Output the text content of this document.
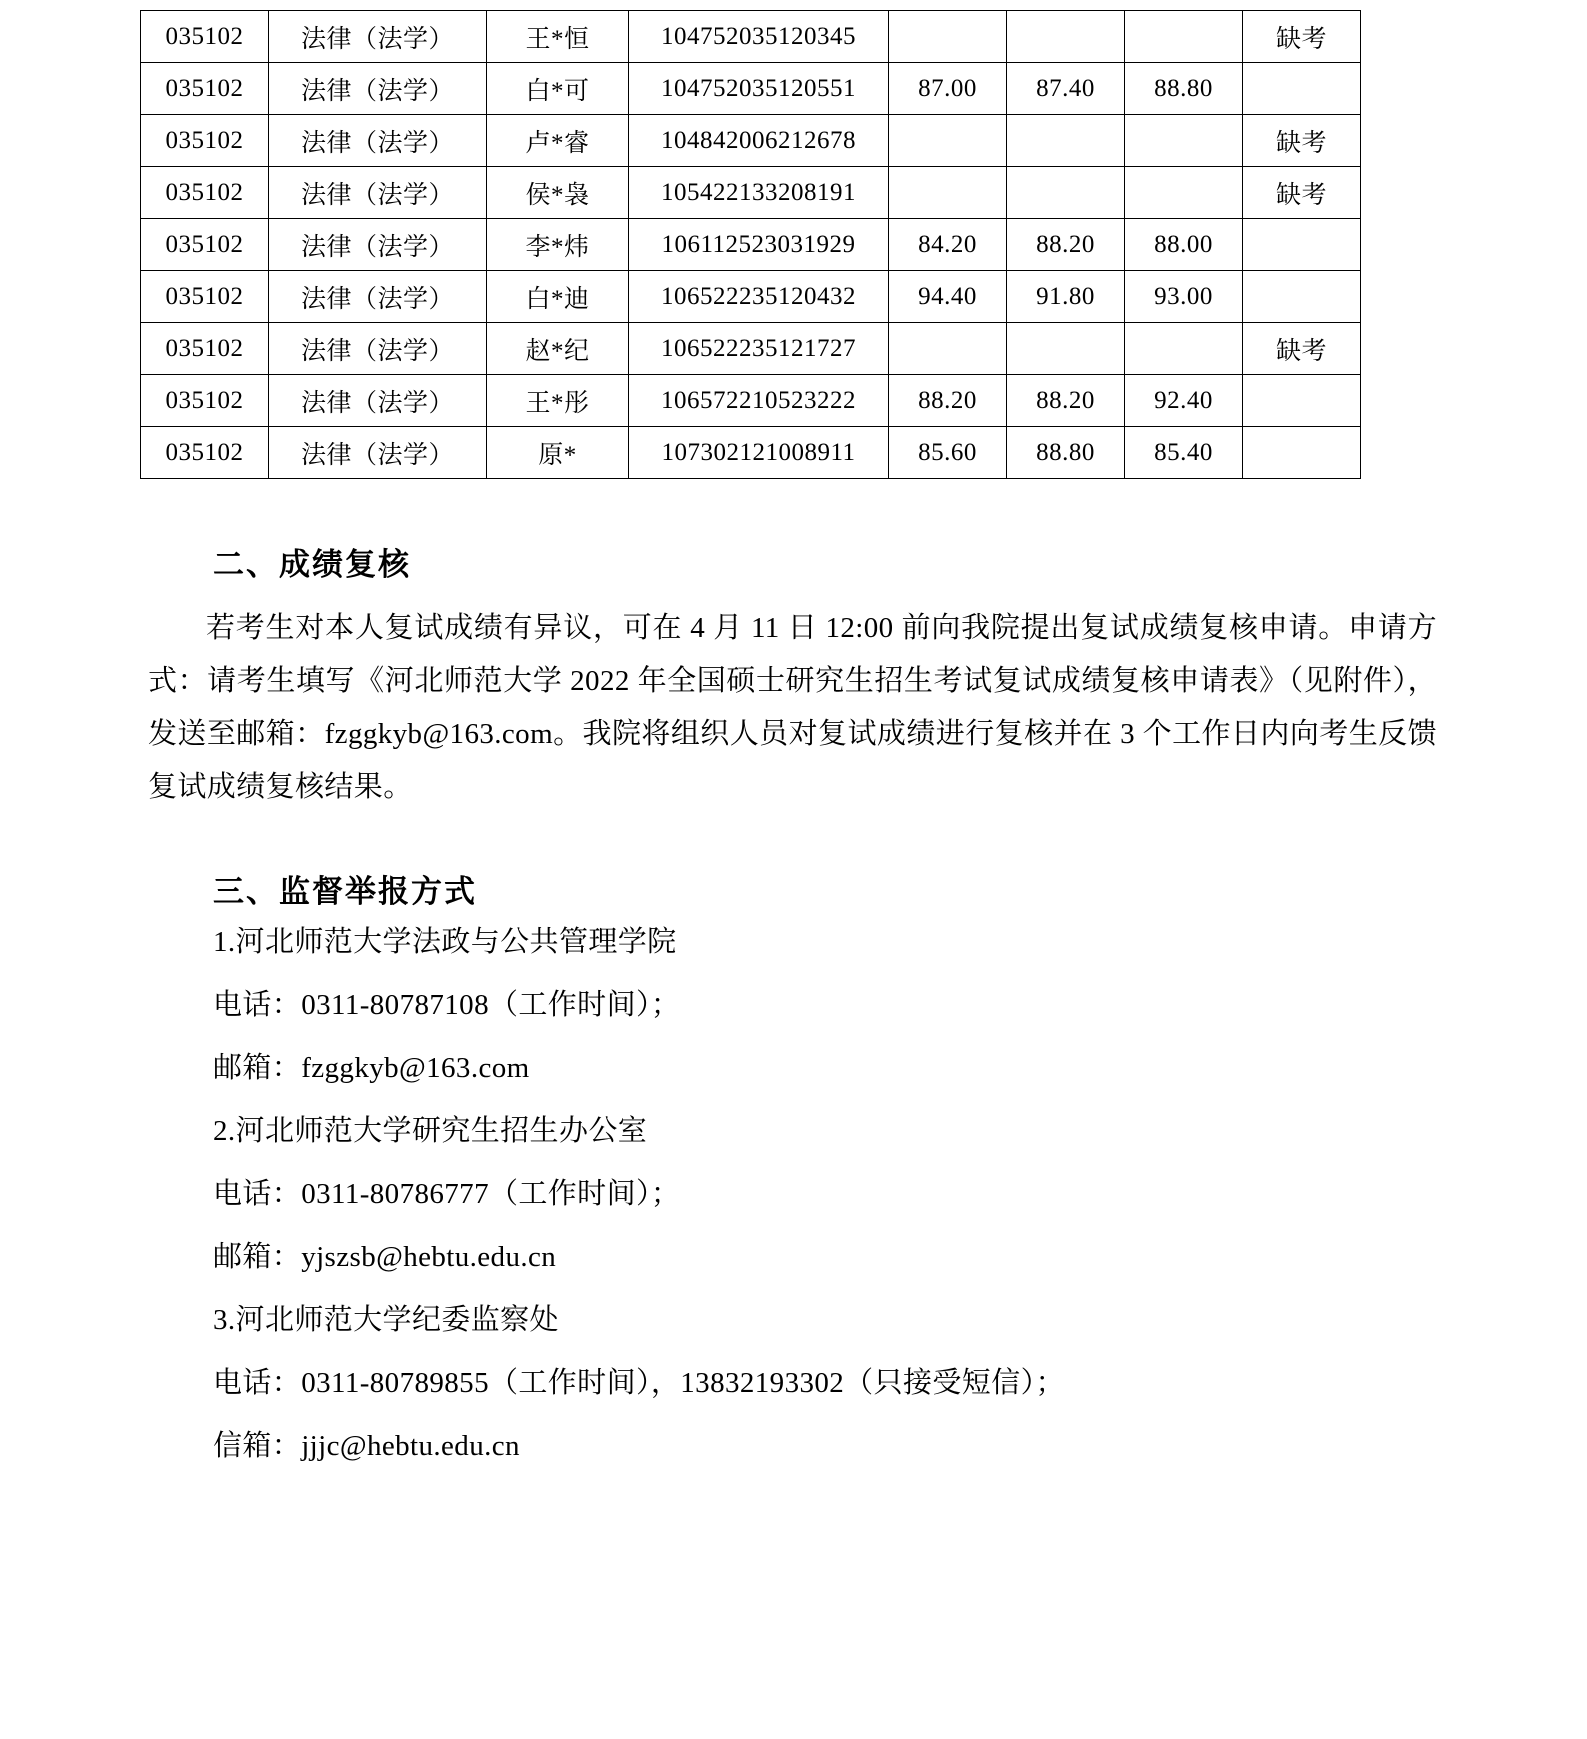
035102	法律（法学）	王*恒	104752035120345				缺考
035102	法律（法学）	白*可	104752035120551	87.00	87.40	88.80	
035102	法律（法学）	卢*睿	104842006212678				缺考
035102	法律（法学）	侯*袅	105422133208191				缺考
035102	法律（法学）	李*炜	106112523031929	84.20	88.20	88.00	
035102	法律（法学）	白*迪	106522235120432	94.40	91.80	93.00	
035102	法律（法学）	赵*纪	106522235121727				缺考
035102	法律（法学）	王*彤	106572210523222	88.20	88.20	92.40	
035102	法律（法学）	原*	107302121008911	85.60	88.80	85.40	
二、成绩复核

若考生对本人复试成绩有异议，可在 4 月 11 日 12:00 前向我院提出复试成绩复核申请。申请方式：请考生填写《河北师范大学 2022 年全国硕士研究生招生考试复试成绩复核申请表》（见附件），发送至邮箱：fzggkyb@163.com。我院将组织人员对复试成绩进行复核并在 3 个工作日内向考生反馈复试成绩复核结果。

三、监督举报方式

1.河北师范大学法政与公共管理学院

电话：0311-80787108（工作时间）；

邮箱：fzggkyb@163.com

2.河北师范大学研究生招生办公室

电话：0311-80786777（工作时间）；

邮箱：yjszsb@hebtu.edu.cn

3.河北师范大学纪委监察处

电话：0311-80789855（工作时间），13832193302（只接受短信）；

信箱：jjjc@hebtu.edu.cn
